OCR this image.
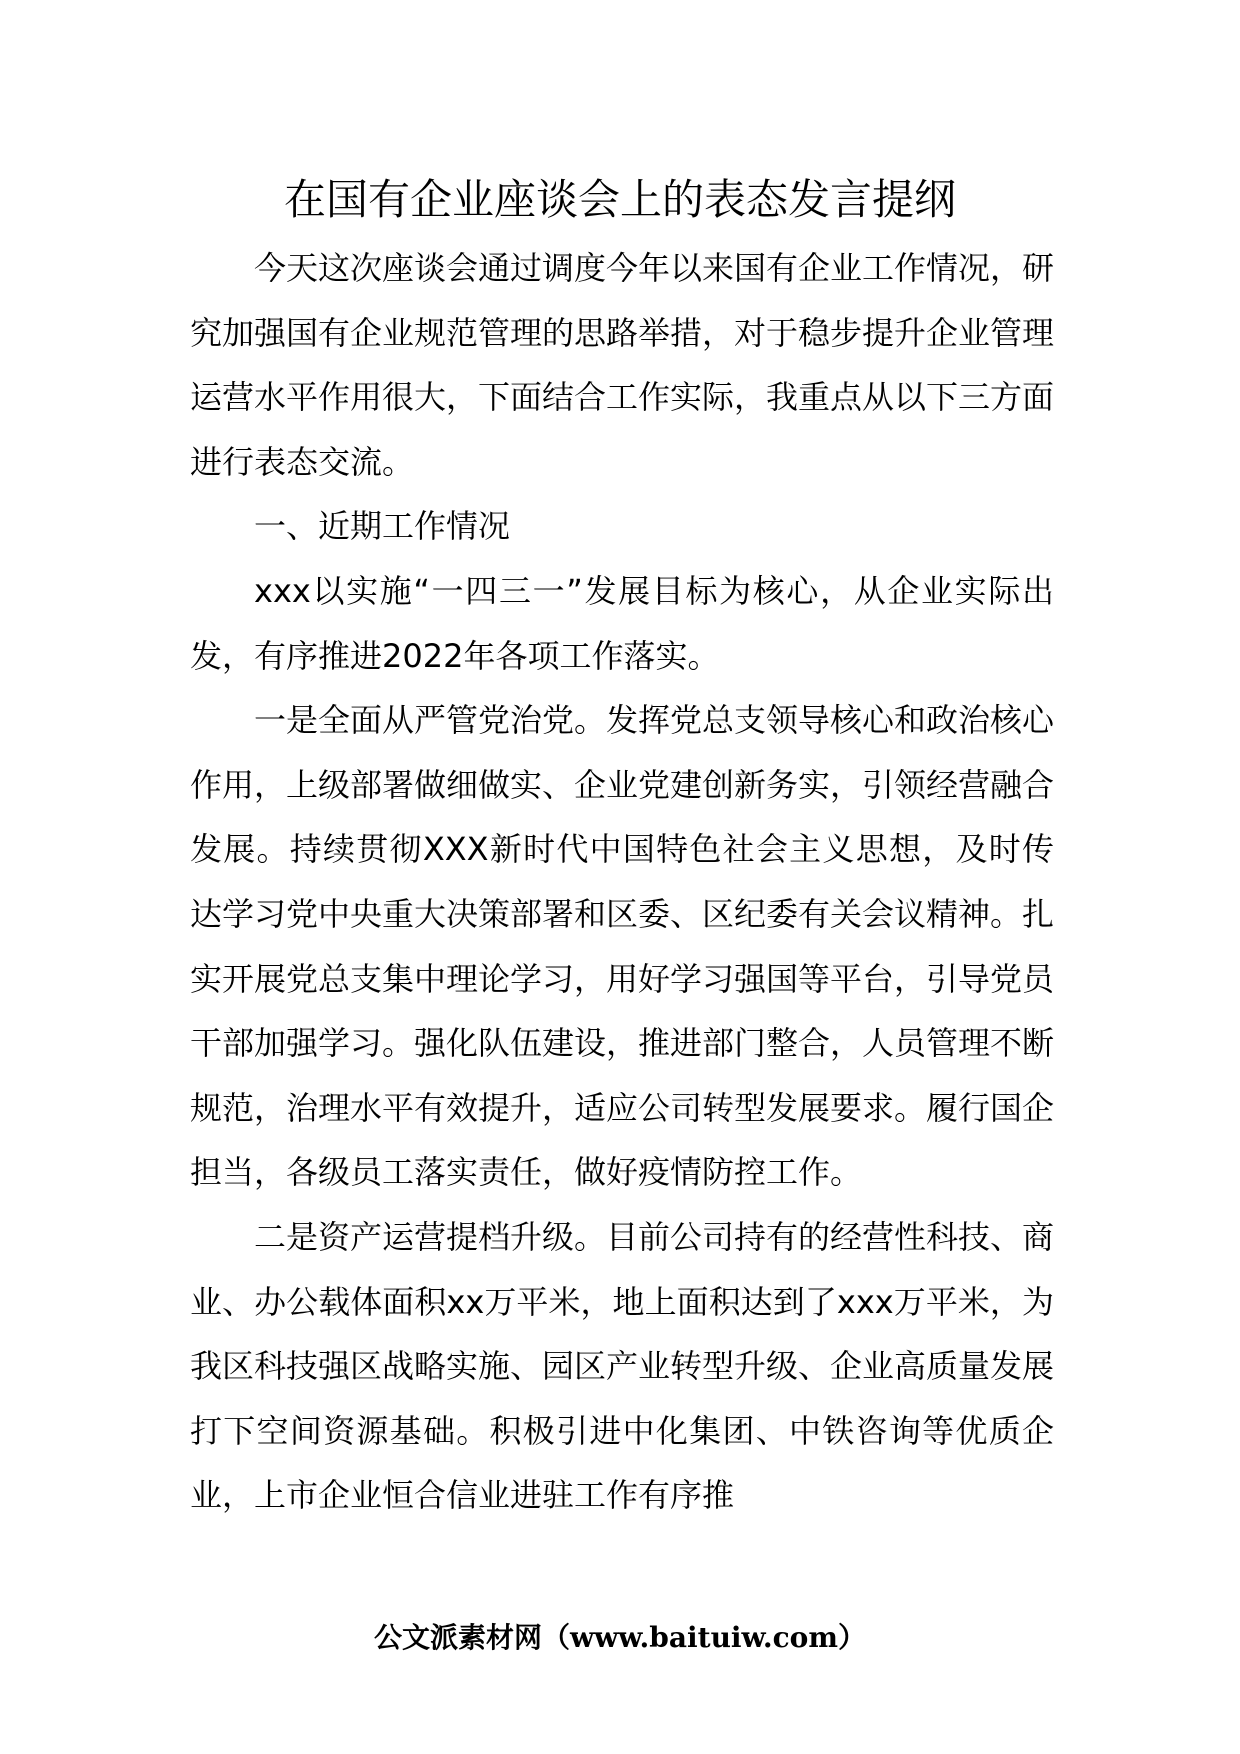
在国有企业座谈会上的表态发言提纲

今天这次座谈会通过调度今年以来国有企业工作情况，研究加强国有企业规范管理的思路举措，对于稳步提升企业管理运营水平作用很大，下面结合工作实际，我重点从以下三方面进行表态交流。

一、近期工作情况

xxx以实施“一四三一”发展目标为核心，从企业实际出发，有序推进2022年各项工作落实。

一是全面从严管党治党。发挥党总支领导核心和政治核心作用，上级部署做细做实、企业党建创新务实，引领经营融合发展。持续贯彻XXX新时代中国特色社会主义思想，及时传达学习党中央重大决策部署和区委、区纪委有关会议精神。扎实开展党总支集中理论学习，用好学习强国等平台，引导党员干部加强学习。强化队伍建设，推进部门整合，人员管理不断规范，治理水平有效提升，适应公司转型发展要求。履行国企担当，各级员工落实责任，做好疫情防控工作。

二是资产运营提档升级。目前公司持有的经营性科技、商业、办公载体面积xx万平米，地上面积达到了xxx万平米，为我区科技强区战略实施、园区产业转型升级、企业高质量发展打下空间资源基础。积极引进中化集团、中铁咨询等优质企业，上市企业恒合信业进驻工作有序推

公文派素材网（www.baituiw.com）
